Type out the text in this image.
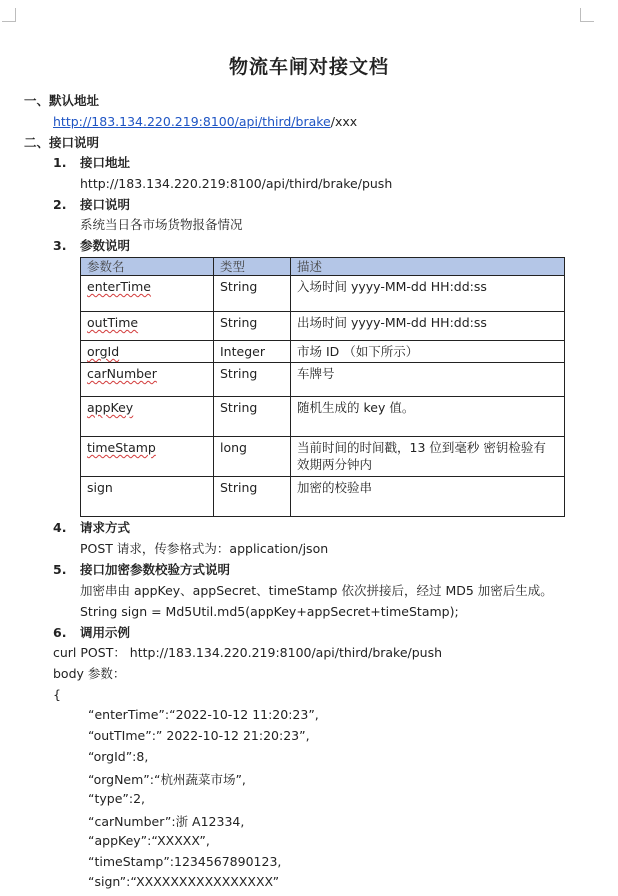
物流车闸对接文档
一、默认地址
http://183.134.220.219:8100/api/third/brake/xxx
二、接口说明
1. 接口地址
http://183.134.220.219:8100/api/third/brake/push
2. 接口说明
系统当日各市场货物报备情况
3. 参数说明
参数名	类型	描述
enterTime	String	入场时间 yyyy-MM-dd HH:dd:ss
outTime	String	出场时间 yyyy-MM-dd HH:dd:ss
orgId	Integer	市场 ID （如下所示）
carNumber	String	车牌号
appKey	String	随机生成的 key 值。
timeStamp	long	当前时间的时间戳，13 位到毫秒 密钥检验有效期两分钟内
sign	String	加密的校验串
4. 请求方式
POST 请求，传参格式为：application/json
5. 接口加密参数校验方式说明
加密串由 appKey、appSecret、timeStamp 依次拼接后，经过 MD5 加密后生成。
String sign = Md5Util.md5(appKey+appSecret+timeStamp);
6. 调用示例
curl POST： http://183.134.220.219:8100/api/third/brake/push
body 参数：
{
“enterTime”:“2022-10-12 11:20:23”,
“outTIme”:” 2022-10-12 21:20:23”,
“orgId”:8,
“orgNem”:“杭州蔬菜市场”,
“type”:2,
“carNumber”:浙 A12334,
“appKey”:“XXXXX”,
“timeStamp”:1234567890123,
“sign”:“XXXXXXXXXXXXXXXX”
